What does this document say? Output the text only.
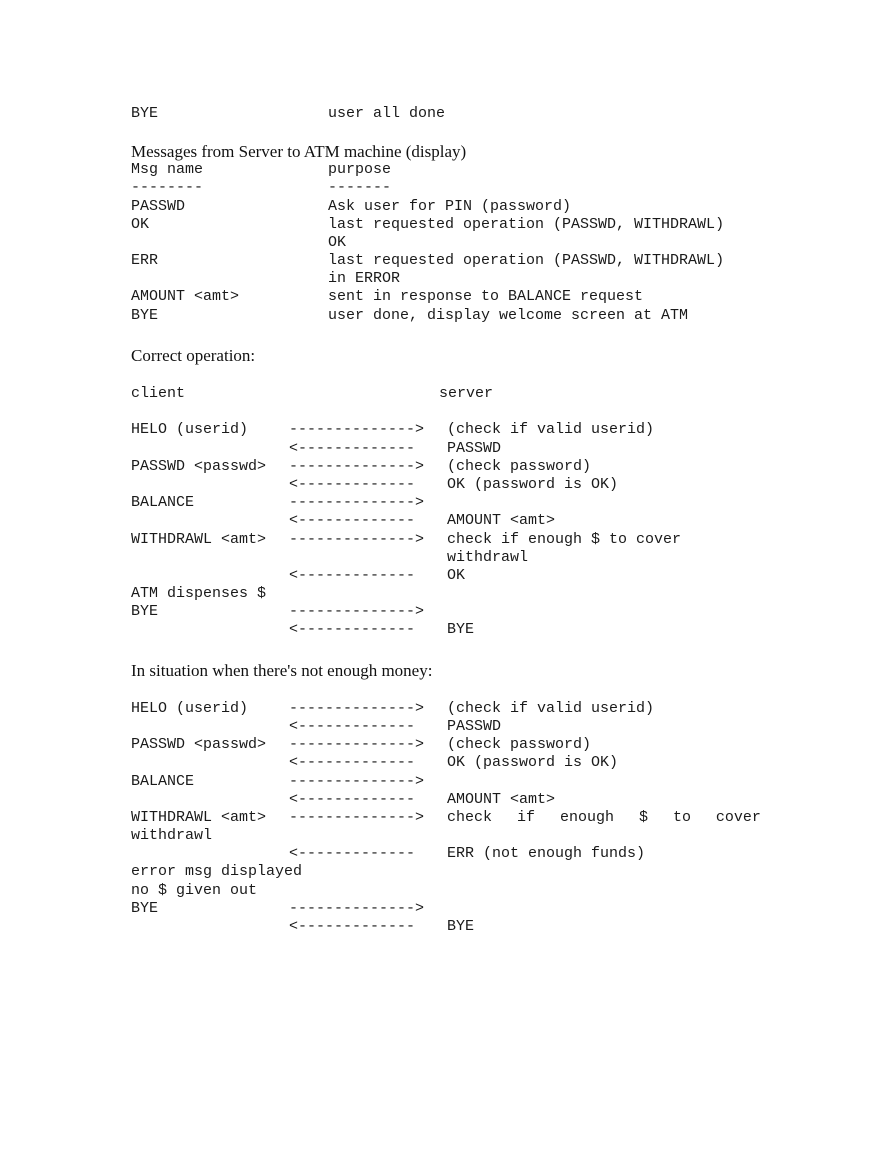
BYE	user all done
Messages from Server to ATM machine (display)
Msg name	purpose
--------	-------
PASSWD	Ask user for PIN (password)
OK	last requested operation (PASSWD, WITHDRAWL)
OK
ERR	last requested operation (PASSWD, WITHDRAWL)
in ERROR
AMOUNT <amt>	sent in response to BALANCE request
BYE	user done, display welcome screen at ATM
Correct operation:
client	server
HELO (userid)	--------------> (check if valid userid)
<------------- PASSWD
PASSWD <passwd> --------------> (check password)
<------------- OK (password is OK)
BALANCE	-------------->
<------------- AMOUNT <amt>
WITHDRAWL <amt> --------------> check if enough $ to cover
withdrawl
<------------- OK
ATM dispenses $
BYE	-------------->
<------------- BYE
In situation when there's not enough money:
HELO (userid)	--------------> (check if valid userid)
<------------- PASSWD
PASSWD <passwd> --------------> (check password)
<------------- OK (password is OK)
BALANCE	-------------->
<------------- AMOUNT <amt>
WITHDRAWL <amt> --------------> check if enough $ to cover
withdrawl
<------------- ERR (not enough funds)
error msg displayed
no $ given out
BYE	-------------->
<------------- BYE
